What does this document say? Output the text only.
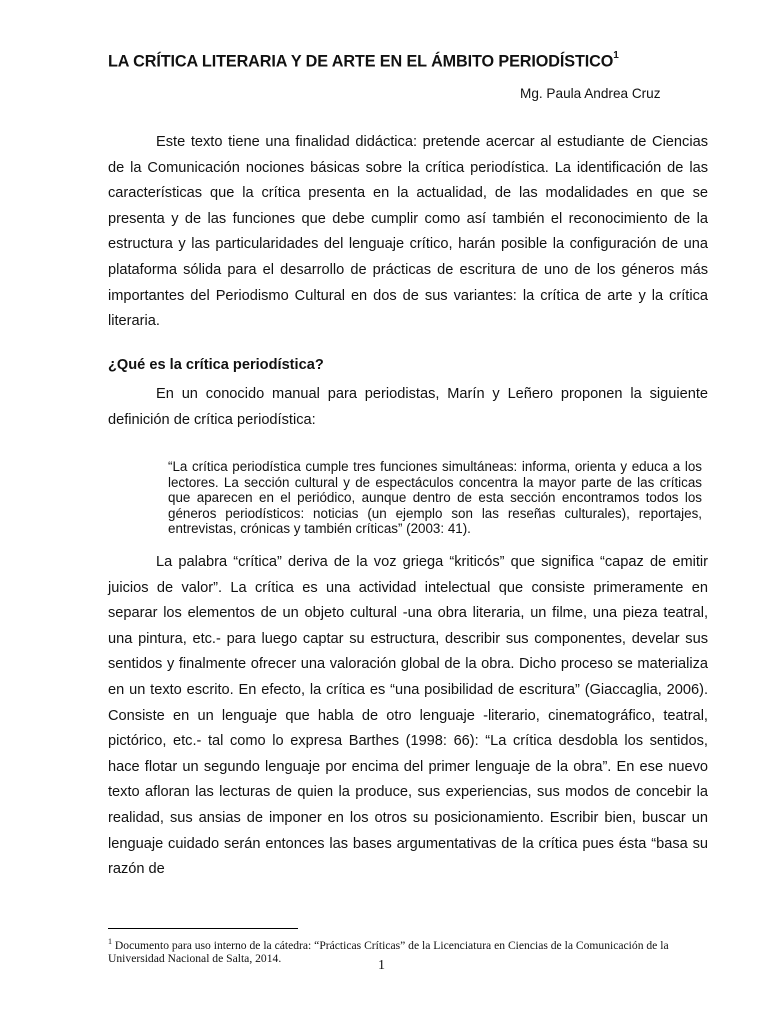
LA CRÍTICA LITERARIA Y DE ARTE EN EL ÁMBITO PERIODÍSTICO$^1$
Mg. Paula Andrea Cruz

Este texto tiene una finalidad didáctica: pretende acercar al estudiante de Ciencias de la Comunicación nociones básicas sobre la crítica periodística. La identificación de las características que la crítica presenta en la actualidad, de las modalidades en que se presenta y de las funciones que debe cumplir como así también el reconocimiento de la estructura y las particularidades del lenguaje crítico, harán posible la configuración de una plataforma sólida para el desarrollo de prácticas de escritura de uno de los géneros más importantes del Periodismo Cultural en dos de sus variantes: la crítica de arte y la crítica literaria.

¿Qué es la crítica periodística?

En un conocido manual para periodistas, Marín y Leñero proponen la siguiente definición de crítica periodística:

“La crítica periodística cumple tres funciones simultáneas: informa, orienta y educa a los lectores. La sección cultural y de espectáculos concentra la mayor parte de las críticas que aparecen en el periódico, aunque dentro de esta sección encontramos todos los géneros periodísticos: noticias (un ejemplo son las reseñas culturales), reportajes, entrevistas, crónicas y también críticas” (2003: 41).

La palabra “crítica” deriva de la voz griega “kriticós” que significa “capaz de emitir juicios de valor”. La crítica es una actividad intelectual que consiste primeramente en separar los elementos de un objeto cultural -una obra literaria, un filme, una pieza teatral, una pintura, etc.- para luego captar su estructura, describir sus componentes, develar sus sentidos y finalmente ofrecer una valoración global de la obra. Dicho proceso se materializa en un texto escrito. En efecto, la crítica es “una posibilidad de escritura” (Giaccaglia, 2006). Consiste en un lenguaje que habla de otro lenguaje -literario, cinematográfico, teatral, pictórico, etc.- tal como lo expresa Barthes (1998: 66): “La crítica desdobla los sentidos, hace flotar un segundo lenguaje por encima del primer lenguaje de la obra”. En ese nuevo texto afloran las lecturas de quien la produce, sus experiencias, sus modos de concebir la realidad, sus ansias de imponer en los otros su posicionamiento. Escribir bien, buscar un lenguaje cuidado serán entonces las bases argumentativas de la crítica pues ésta “basa su razón de

$^1$ Documento para uso interno de la cátedra: “Prácticas Críticas” de la Licenciatura en Ciencias de la Comunicación de la Universidad Nacional de Salta, 2014.	1
